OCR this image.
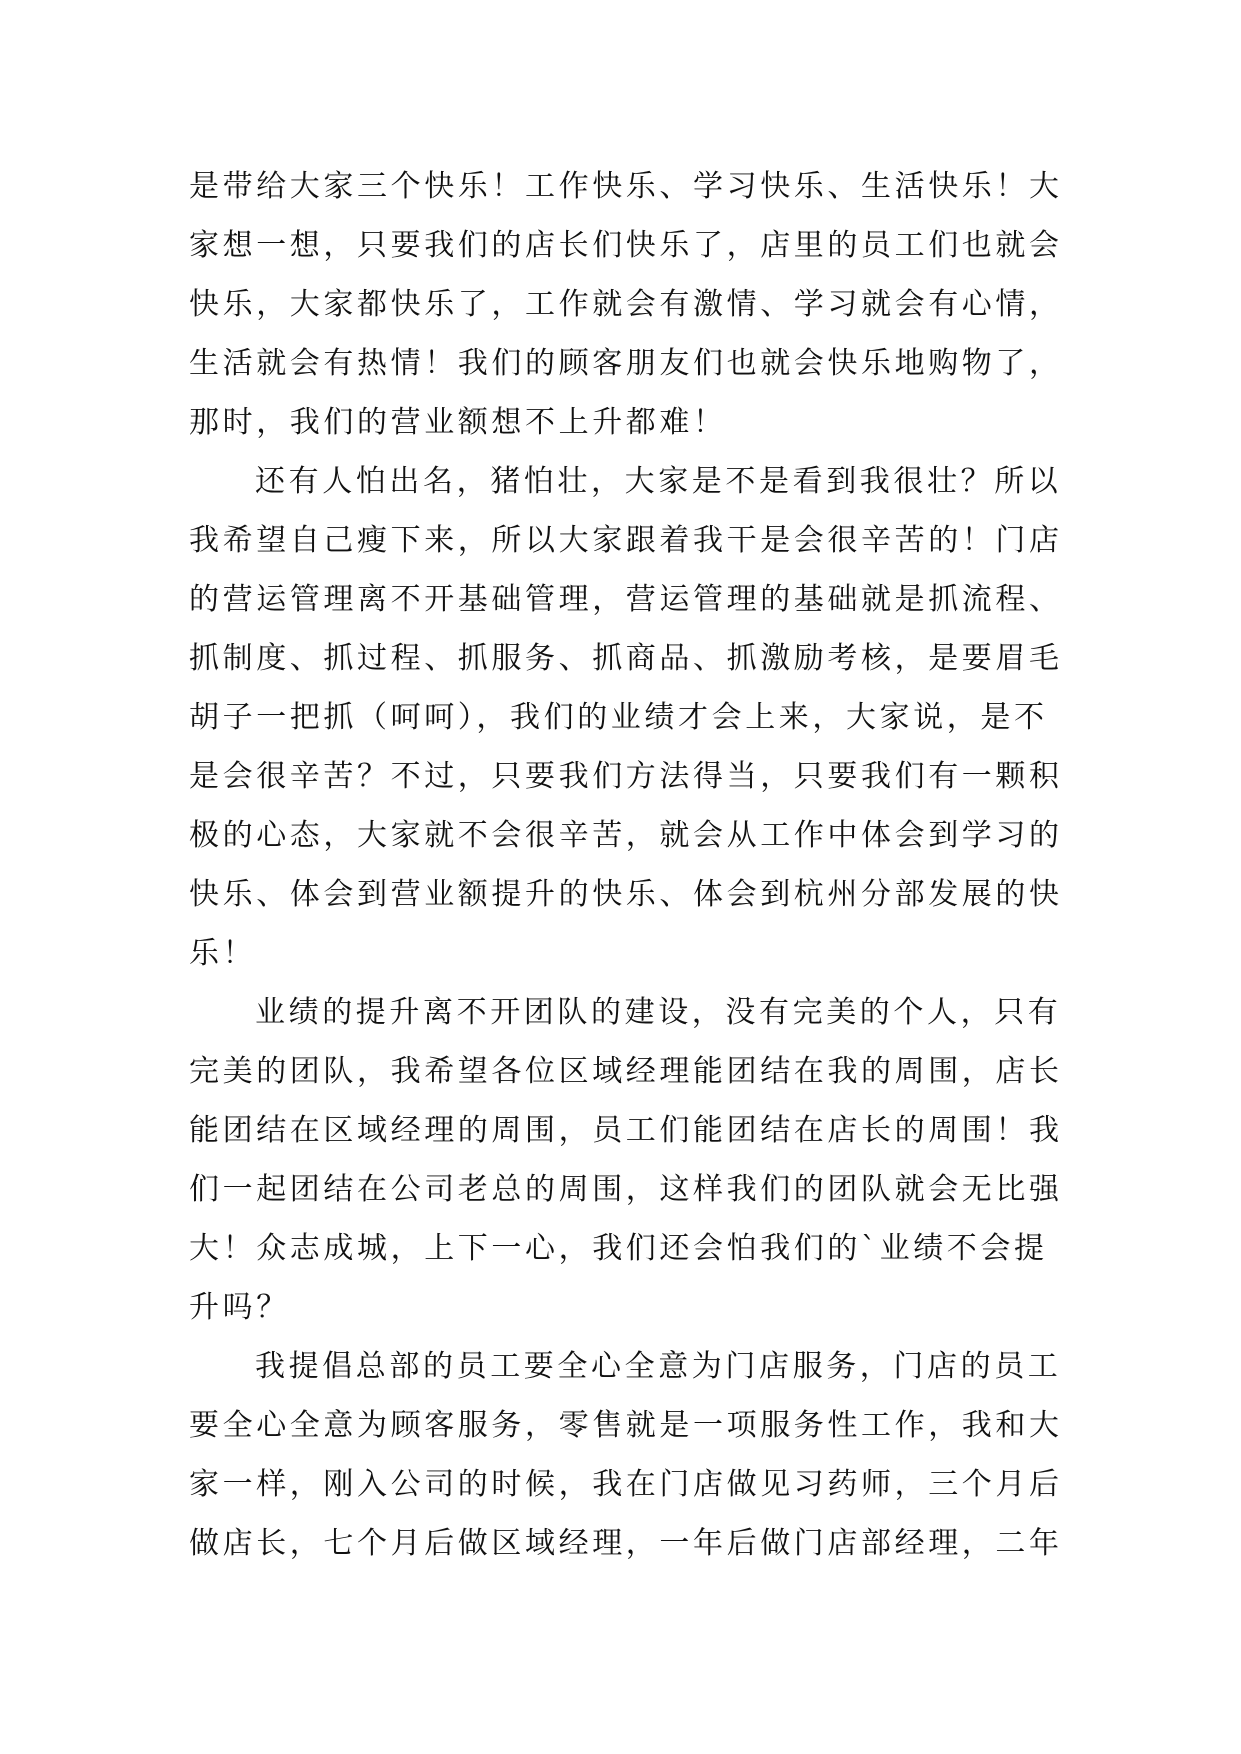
是带给大家三个快乐！工作快乐、学习快乐、生活快乐！大
家想一想，只要我们的店长们快乐了，店里的员工们也就会
快乐，大家都快乐了，工作就会有激情、学习就会有心情，
生活就会有热情！我们的顾客朋友们也就会快乐地购物了，
那时，我们的营业额想不上升都难！
还有人怕出名，猪怕壮，大家是不是看到我很壮？所以
我希望自己瘦下来，所以大家跟着我干是会很辛苦的！门店
的营运管理离不开基础管理，营运管理的基础就是抓流程、
抓制度、抓过程、抓服务、抓商品、抓激励考核，是要眉毛
胡子一把抓（呵呵），我们的业绩才会上来，大家说，是不
是会很辛苦？不过，只要我们方法得当，只要我们有一颗积
极的心态，大家就不会很辛苦，就会从工作中体会到学习的
快乐、体会到营业额提升的快乐、体会到杭州分部发展的快
乐！
业绩的提升离不开团队的建设，没有完美的个人，只有
完美的团队，我希望各位区域经理能团结在我的周围，店长
能团结在区域经理的周围，员工们能团结在店长的周围！我
们一起团结在公司老总的周围，这样我们的团队就会无比强
大！众志成城，上下一心，我们还会怕我们的`业绩不会提
升吗？
我提倡总部的员工要全心全意为门店服务，门店的员工
要全心全意为顾客服务，零售就是一项服务性工作，我和大
家一样，刚入公司的时候，我在门店做见习药师，三个月后
做店长，七个月后做区域经理，一年后做门店部经理，二年
